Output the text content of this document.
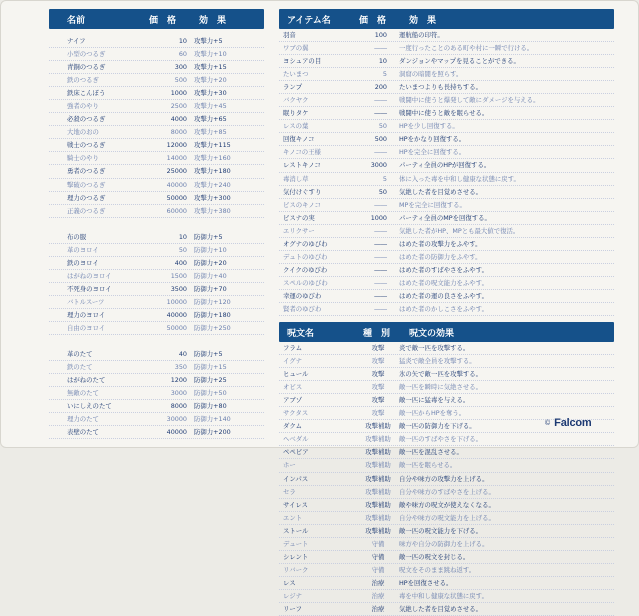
名前	価　格	効　果
ナイフ	10 攻撃力+5
小型のつるぎ	60 攻撃力+10
青銅のつるぎ	300 攻撃力+15
鉄のつるぎ	500 攻撃力+20
鉄床こんぼう	1000 攻撃力+30
強者のやり	2500 攻撃力+45
必殺のつるぎ	4000 攻撃力+65
大地のおの	8000 攻撃力+85
戦士のつるぎ	12000 攻撃力+115
騎士のやり	14000 攻撃力+160
勇者のつるぎ	25000 攻撃力+180
撃破のつるぎ	40000 攻撃力+240
理力のつるぎ	50000 攻撃力+300
正義のつるぎ	60000 攻撃力+380
布の服	10 防御力+5
革のヨロイ	50 防御力+10
鉄のヨロイ	400 防御力+20
はがねのヨロイ	1500 防御力+40
不死身のヨロイ	3500 防御力+70
バトルスーツ	10000 防御力+120
理力のヨロイ	40000 防御力+180
自由のヨロイ	50000 防御力+250
革のたて	40 防御力+5
鉄のたて	350 防御力+15
はがねのたて	1200 防御力+25
無敵のたて	3000 防御力+50
いにしえのたて	8000 防御力+80
理力のたて	30000 防御力+140
表壁のたて	40000 防御力+200
アイテム名	価　格	効　果
羽音	100 運航船の印符。
ワブの翼	―― 一度行ったことのある町や村に一瞬で行ける。
ヨシュアの目	10 ダンジョンやマップを見ることができる。
たいまつ	5 洞窟の暗闇を照らす。
ランプ	200 たいまつよりも長持ちする。
バクヤク	―― 戦闘中に使うと爆発して敵にダメージを与える。
眠りタケ	―― 戦闘中に使うと敵を眠らせる。
レスの葉	50 HPを少し回復する。
回復キノコ	500 HPをかなり回復する。
キノコの王様	―― HPを完全に回復する。
レストキノコ	3000 パーティ全員のHPが回復する。
毒消し草	5 体に入った毒を中和し健康な状態に戻す。
気付けぐすり	50 気絶した者を目覚めさせる。
ビスのキノコ	―― MPを完全に回復する。
ビスナの実	1000 パーティ全員のMPを回復する。
エリクサー	―― 気絶した者がHP、MPとも最大値で復活。
オグナのゆびわ	―― はめた者の攻撃力をふやす。
デュトのゆびわ	―― はめた者の防御力をふやす。
クイクのゆびわ	―― はめた者のすばやさをふやす。
スペルのゆびわ	―― はめた者の呪文能力をふやす。
幸運のゆびわ	―― はめた者の運の良さをふやす。
賢者のゆびわ	―― はめた者のかしこさをふやす。
呪文名	種　別 呪文の効果
フラム	攻撃	炎で敵一匹を攻撃する。
イグナ	攻撃	猛炎で敵全員を攻撃する。
ヒュール	攻撃	氷の矢で敵一匹を攻撃する。
オビス	攻撃	敵一匹を瞬時に気絶させる。
アブゾ	攻撃	敵一匹に猛毒を与える。
サクタス	攻撃	敵一匹からHPを奪う。
ダクム	攻撃補助	敵一匹の防御力を下げる。
ヘベダル	攻撃補助	敵一匹のすばやさを下げる。
ペペビア	攻撃補助	敵一匹を混乱させる。
ホー	攻撃補助	敵一匹を眠らせる。
インパス	攻撃補助	自分や味方の攻撃力を上げる。
セラ	攻撃補助	自分や味方のすばやさを上げる。
サイレス	攻撃補助	敵や味方の呪文が使えなくなる。
エント	攻撃補助	自分や味方の呪文能力を上げる。
ストール	攻撃補助	敵一匹の呪文能力を下げる。
デュート	守備	味方や自分の防御力を上げる。
シレント	守備	敵一匹の呪文を封じる。
リバーク	守備	呪文をそのまま跳ね返す。
レス	治療	HPを回復させる。
レジナ	治療	毒を中和し健康な状態に戻す。
リーフ	治療	気絶した者を目覚めさせる。
© Falcom
